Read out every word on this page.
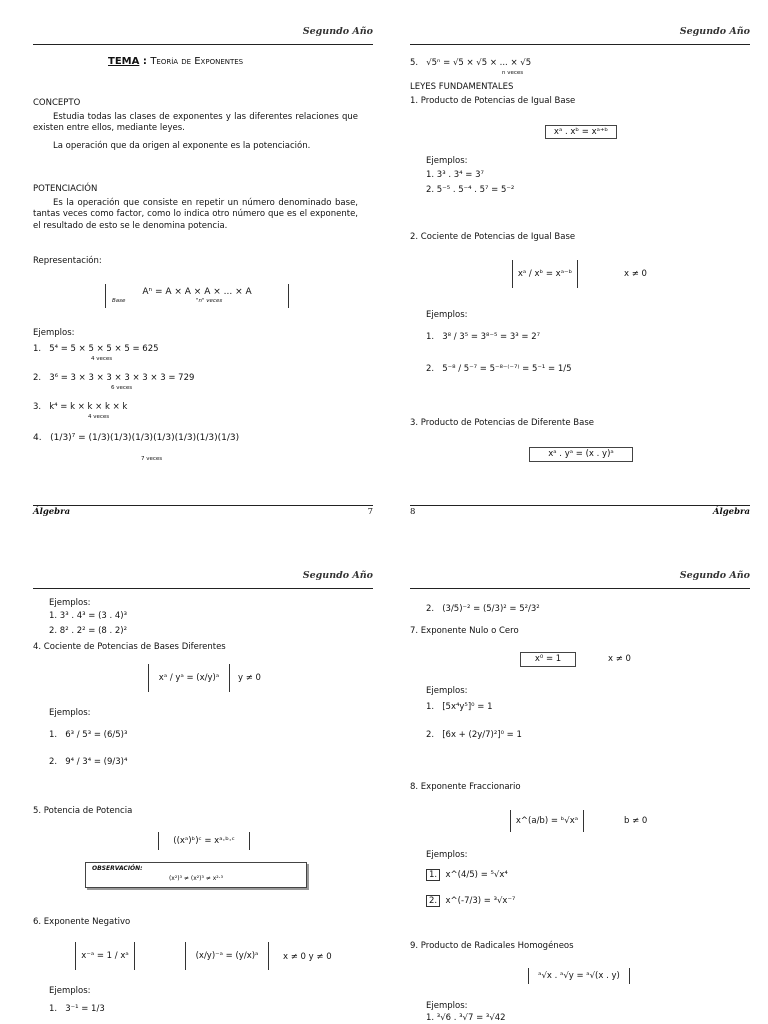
Segundo Año
TEMA : Teoría de Exponentes
CONCEPTO
Estudia todas las clases de exponentes y las diferentes relaciones que existen entre ellos, mediante leyes.
La operación que da origen al exponente es la potenciación.
POTENCIACIÓN
Es la operación que consiste en repetir un número denominado base, tantas veces como factor, como lo indica otro número que es el exponente, el resultado de esto se le denomina potencia.
Representación:
Aⁿ = A × A × A × ... × A
Base	"n" veces
Ejemplos:
1.   5⁴ = 5 × 5 × 5 × 5 = 625
4 veces
2.   3⁶ = 3 × 3 × 3 × 3 × 3 × 3 = 729
6 veces
3.   k⁴ = k × k × k × k
4 veces
4.   (1/3)⁷ = (1/3)(1/3)(1/3)(1/3)(1/3)(1/3)(1/3)
7 veces
Álgebra	7
Segundo Año
5.   √5ⁿ = √5 × √5 × ... × √5
n veces
LEYES FUNDAMENTALES
1. Producto de Potencias de Igual Base
xᵃ . xᵇ = xᵃ⁺ᵇ
Ejemplos:
1. 3³ . 3⁴ = 3⁷
2. 5⁻⁵ . 5⁻⁴ . 5⁷ = 5⁻²
2. Cociente de Potencias de Igual Base
xᵃ / xᵇ = xᵃ⁻ᵇ	x ≠ 0
Ejemplos:
1.   3⁸ / 3⁵ = 3⁸⁻⁵ = 3³ = 2⁷
2.   5⁻⁸ / 5⁻⁷ = 5⁻⁸⁻⁽⁻⁷⁾ = 5⁻¹ = 1/5
3. Producto de Potencias de Diferente Base
xᵃ . yᵃ = (x . y)ᵃ
8	Álgebra
Segundo Año
Ejemplos:
1. 3³ . 4³ = (3 . 4)³
2. 8² . 2² = (8 . 2)²
4. Cociente de Potencias de Bases Diferentes
xᵃ / yᵃ = (x/y)ᵃ	y ≠ 0
Ejemplos:
1.   6³ / 5³ = (6/5)³
2.   9⁴ / 3⁴ = (9/3)⁴
5. Potencia de Potencia
((xᵃ)ᵇ)ᶜ = xᵃ·ᵇ·ᶜ
OBSERVACIÓN:
(x²)³ ≠ (x²)³ ≠ x²·³
6. Exponente Negativo
x⁻ᵃ = 1 / xᵃ	(x/y)⁻ᵃ = (y/x)ᵃ	x ≠ 0 y ≠ 0
Ejemplos:
1.   3⁻¹ = 1/3
Segundo Año
2.   (3/5)⁻² = (5/3)² = 5²/3²
7. Exponente Nulo o Cero
x⁰ = 1	x ≠ 0
Ejemplos:
1.   [5x⁴y⁵]⁰ = 1
2.   [6x + (2y/7)²]⁰ = 1
8. Exponente Fraccionario
x^(a/b) = ᵇ√xᵃ	b ≠ 0
Ejemplos:
1. x^(4/5) = ⁵√x⁴
2. x^(-7/3) = ³√x⁻⁷
9. Producto de Radicales Homogéneos
ᵃ√x . ᵃ√y = ᵃ√(x . y)
Ejemplos:
1. ³√6 . ³√7 = ³√42
